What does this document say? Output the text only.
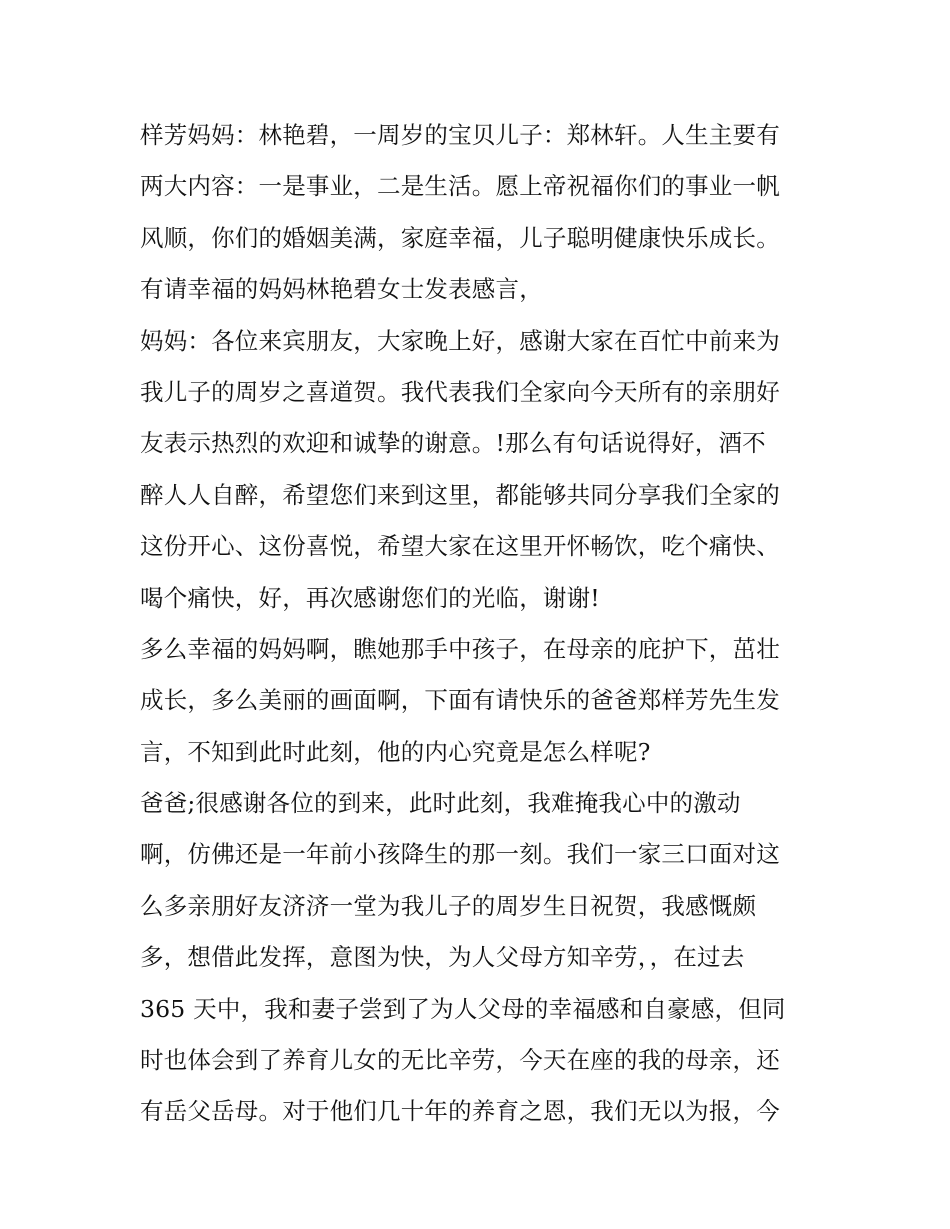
样芳妈妈：林艳碧，一周岁的宝贝儿子：郑林轩。人生主要有
两大内容：一是事业，二是生活。愿上帝祝福你们的事业一帆
风顺，你们的婚姻美满，家庭幸福，儿子聪明健康快乐成长。
有请幸福的妈妈林艳碧女士发表感言，
妈妈：各位来宾朋友，大家晚上好，感谢大家在百忙中前来为
我儿子的周岁之喜道贺。我代表我们全家向今天所有的亲朋好
友表示热烈的欢迎和诚挚的谢意。!那么有句话说得好，酒不
醉人人自醉，希望您们来到这里，都能够共同分享我们全家的
这份开心、这份喜悦，希望大家在这里开怀畅饮，吃个痛快、
喝个痛快，好，再次感谢您们的光临，谢谢!
多么幸福的妈妈啊，瞧她那手中孩子，在母亲的庇护下，茁壮
成长，多么美丽的画面啊，下面有请快乐的爸爸郑样芳先生发
言，不知到此时此刻，他的内心究竟是怎么样呢?
爸爸;很感谢各位的到来，此时此刻，我难掩我心中的激动
啊，仿佛还是一年前小孩降生的那一刻。我们一家三口面对这
么多亲朋好友济济一堂为我儿子的周岁生日祝贺，我感慨颇
多，想借此发挥，意图为快，为人父母方知辛劳，，在过去
365 天中，我和妻子尝到了为人父母的幸福感和自豪感，但同
时也体会到了养育儿女的无比辛劳，今天在座的我的母亲，还
有岳父岳母。对于他们几十年的养育之恩，我们无以为报，今
